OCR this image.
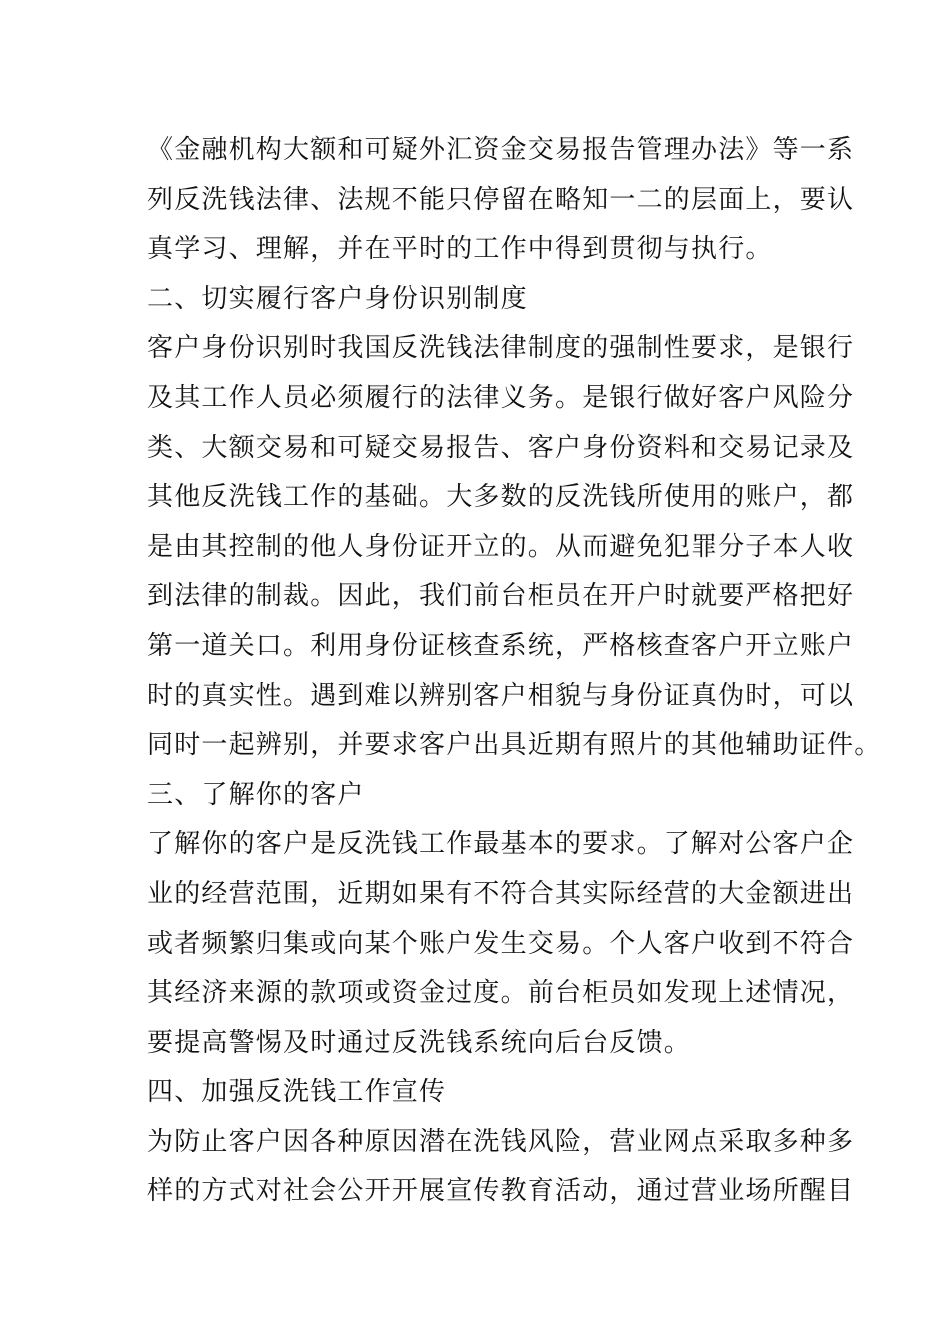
《金融机构大额和可疑外汇资金交易报告管理办法》等一系
列反洗钱法律、法规不能只停留在略知一二的层面上，要认
真学习、理解，并在平时的工作中得到贯彻与执行。
二、切实履行客户身份识别制度
客户身份识别时我国反洗钱法律制度的强制性要求，是银行
及其工作人员必须履行的法律义务。是银行做好客户风险分
类、大额交易和可疑交易报告、客户身份资料和交易记录及
其他反洗钱工作的基础。大多数的反洗钱所使用的账户，都
是由其控制的他人身份证开立的。从而避免犯罪分子本人收
到法律的制裁。因此，我们前台柜员在开户时就要严格把好
第一道关口。利用身份证核查系统，严格核查客户开立账户
时的真实性。遇到难以辨别客户相貌与身份证真伪时，可以
同时一起辨别，并要求客户出具近期有照片的其他辅助证件。
三、了解你的客户
了解你的客户是反洗钱工作最基本的要求。了解对公客户企
业的经营范围，近期如果有不符合其实际经营的大金额进出
或者频繁归集或向某个账户发生交易。个人客户收到不符合
其经济来源的款项或资金过度。前台柜员如发现上述情况，
要提高警惕及时通过反洗钱系统向后台反馈。
四、加强反洗钱工作宣传
为防止客户因各种原因潜在洗钱风险，营业网点采取多种多
样的方式对社会公开开展宣传教育活动，通过营业场所醒目
